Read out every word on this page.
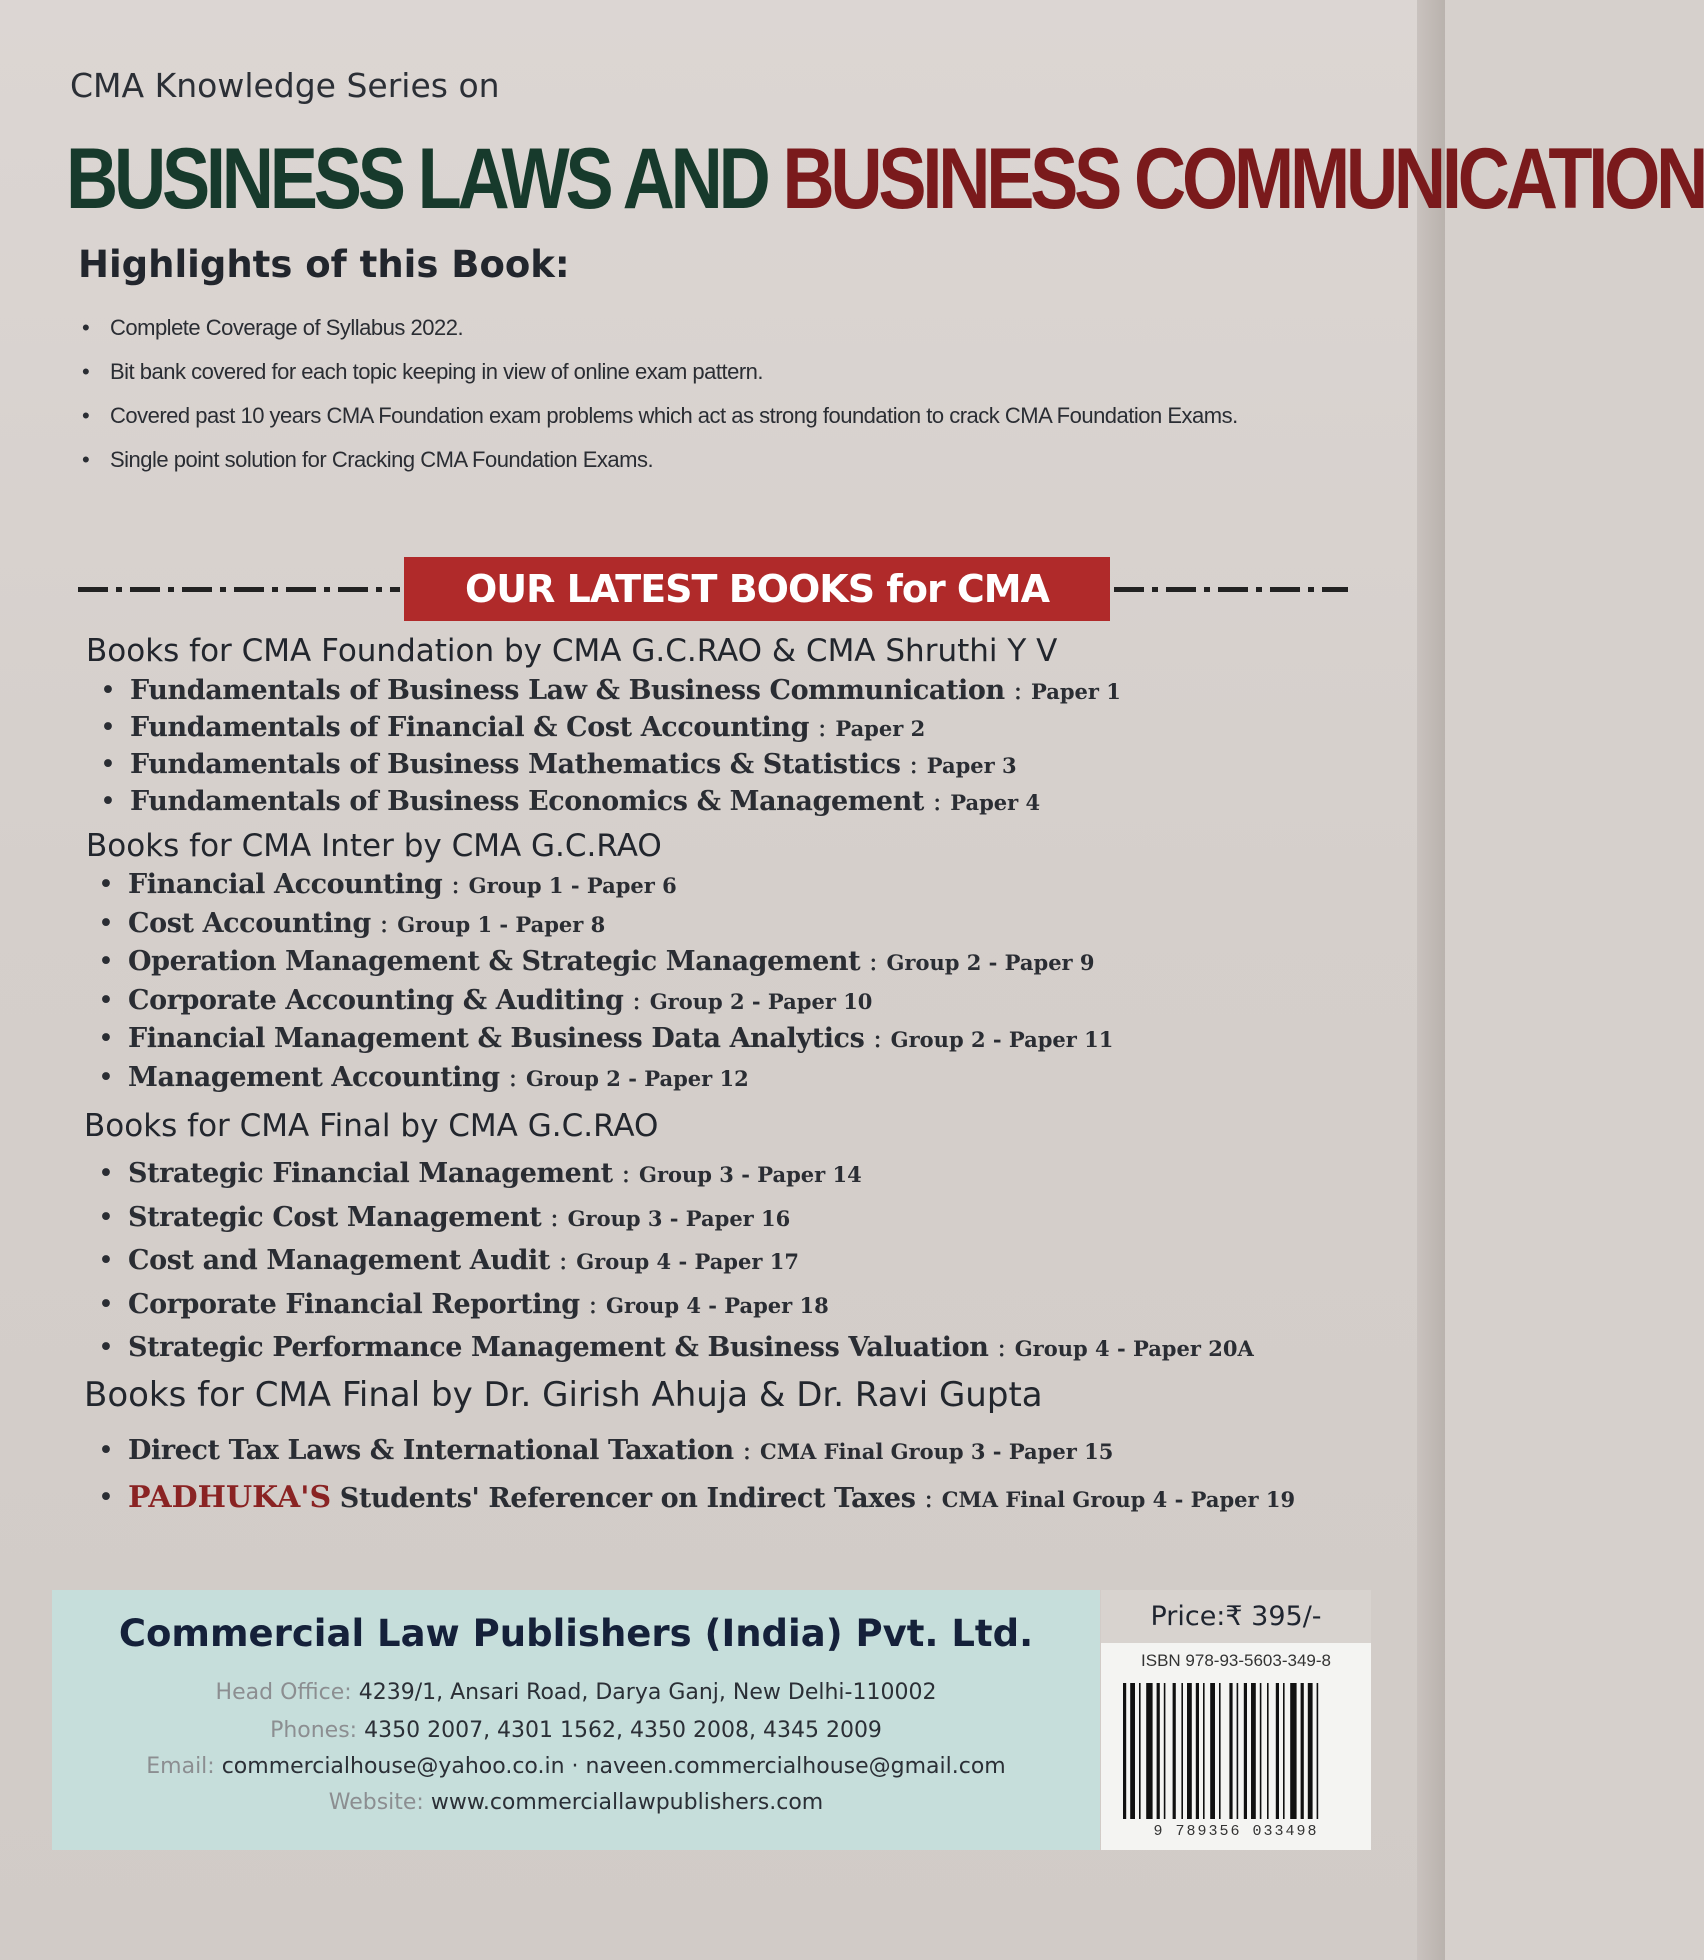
CMA Knowledge Series on
BUSINESS LAWS AND BUSINESS COMMUNICATION
Highlights of this Book:
• Complete Coverage of Syllabus 2022.
• Bit bank covered for each topic keeping in view of online exam pattern.
• Covered past 10 years CMA Foundation exam problems which act as strong foundation to crack CMA Foundation Exams.
• Single point solution for Cracking CMA Foundation Exams.
OUR LATEST BOOKS for CMA
Books for CMA Foundation by CMA G.C.RAO & CMA Shruthi Y V
• Fundamentals of Business Law & Business Communication : Paper 1
• Fundamentals of Financial & Cost Accounting : Paper 2
• Fundamentals of Business Mathematics & Statistics : Paper 3
• Fundamentals of Business Economics & Management : Paper 4
Books for CMA Inter by CMA G.C.RAO
• Financial Accounting : Group 1 - Paper 6
• Cost Accounting : Group 1 - Paper 8
• Operation Management & Strategic Management : Group 2 - Paper 9
• Corporate Accounting & Auditing : Group 2 - Paper 10
• Financial Management & Business Data Analytics : Group 2 - Paper 11
• Management Accounting : Group 2 - Paper 12
Books for CMA Final by CMA G.C.RAO
• Strategic Financial Management : Group 3 - Paper 14
• Strategic Cost Management : Group 3 - Paper 16
• Cost and Management Audit : Group 4 - Paper 17
• Corporate Financial Reporting : Group 4 - Paper 18
• Strategic Performance Management & Business Valuation : Group 4 - Paper 20A
Books for CMA Final by Dr. Girish Ahuja & Dr. Ravi Gupta
• Direct Tax Laws & International Taxation : CMA Final Group 3 - Paper 15
• PADHUKA'S Students' Referencer on Indirect Taxes : CMA Final Group 4 - Paper 19
Commercial Law Publishers (India) Pvt. Ltd.
Head Office: 4239/1, Ansari Road, Darya Ganj, New Delhi-110002
Phones: 4350 2007, 4301 1562, 4350 2008, 4345 2009
Email: commercialhouse@yahoo.co.in · naveen.commercialhouse@gmail.com
Website: www.commerciallawpublishers.com
Price:₹ 395/-
ISBN 978-93-5603-349-8
9 789356 033498
